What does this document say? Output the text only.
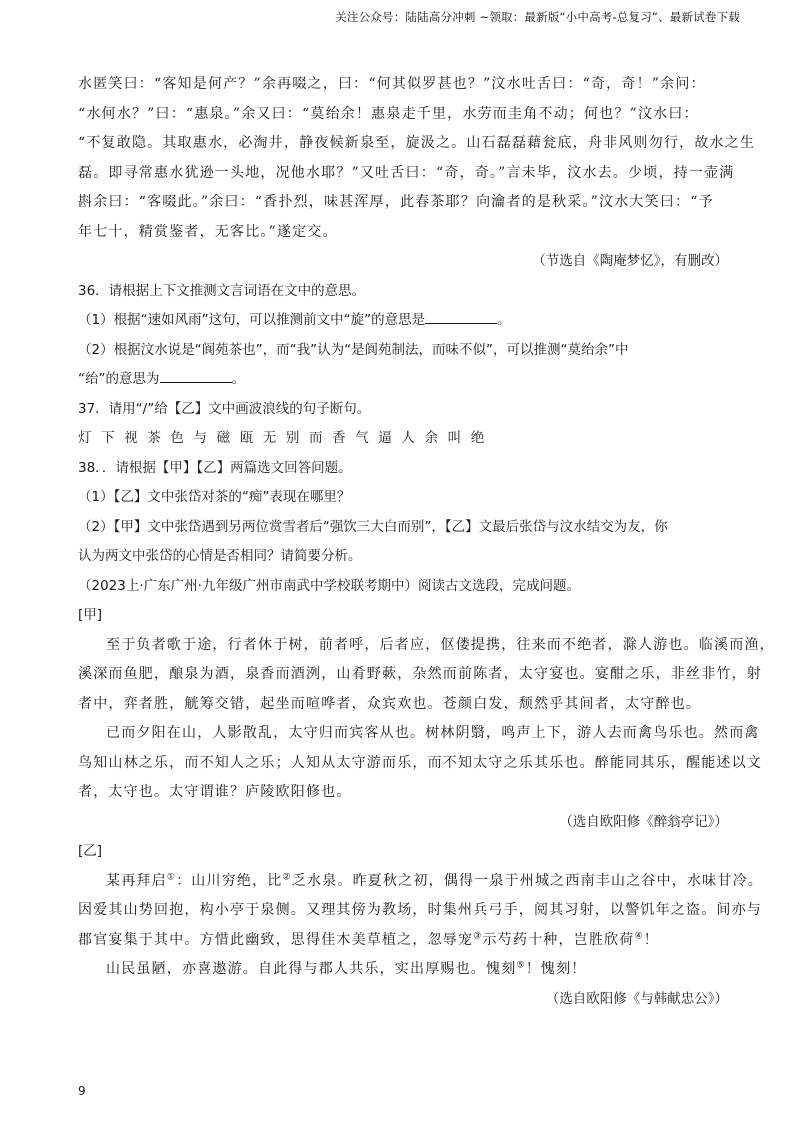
关注公众号：陆陆高分冲刺 ~领取：最新版“小中高考-总复习”、最新试卷下载
水匿笑曰：“客知是何产？”余再啜之，曰：“何其似罗甚也？”汶水吐舌曰：“奇，奇！”余问：
“水何水？”曰：“惠泉。”余又曰：“莫绐余！惠泉走千里，水劳而圭角不动；何也？”汶水曰：
“不复敢隐。其取惠水，必淘井，静夜候新泉至，旋汲之。山石磊磊藉瓮底，舟非风则勿行，故水之生
磊。即寻常惠水犹逊一头地，况他水耶？”又吐舌曰：“奇，奇。”言未毕，汶水去。少顷，持一壶满
斟余曰：“客啜此。”余曰：“香扑烈，味甚浑厚，此春茶耶？向瀹者的是秋采。”汶水大笑曰：“予
年七十，精赏鉴者，无客比。”遂定交。
（节选自《陶庵梦忆》，有删改）
36．请根据上下文推测文言词语在文中的意思。
（1）根据“速如风雨”这句，可以推测前文中“旋”的意思是	。
（2）根据汶水说是“阆苑茶也”，而“我”认为“是阆苑制法，而味不似”，可以推测“莫绐余”中
“绐”的意思为	。
37．请用“/”给【乙】文中画波浪线的句子断句。
灯下视茶色与磁瓯无别而香气逼人余叫绝
38．．请根据【甲】【乙】两篇选文回答问题。
（1）【乙】文中张岱对茶的“痴”表现在哪里？
（2）【甲】文中张岱遇到另两位赏雪者后“强饮三大白而别”，【乙】文最后张岱与汶水结交为友，你
认为两文中张岱的心情是否相同？请简要分析。
（2023上·广东广州·九年级广州市南武中学校联考期中）阅读古文选段，完成问题。
[甲]
至于负者歌于途，行者休于树，前者呼，后者应，伛偻提携，往来而不绝者，滁人游也。临溪而渔，
溪深而鱼肥，酿泉为酒，泉香而酒洌，山肴野蔌，杂然而前陈者，太守宴也。宴酣之乐，非丝非竹，射
者中，弈者胜，觥筹交错，起坐而喧哗者，众宾欢也。苍颜白发，颓然乎其间者，太守醉也。
已而夕阳在山，人影散乱，太守归而宾客从也。树林阴翳，鸣声上下，游人去而禽鸟乐也。然而禽
鸟知山林之乐，而不知人之乐；人知从太守游而乐，而不知太守之乐其乐也。醉能同其乐，醒能述以文
者，太守也。太守谓谁？庐陵欧阳修也。
（选自欧阳修《醉翁亭记》）
[乙]
某再拜启①：山川穷绝，比②乏水泉。昨夏秋之初，偶得一泉于州城之西南丰山之谷中，水味甘冷。
因爱其山势回抱，构小亭于泉侧。又理其傍为教场，时集州兵弓手，阅其习射，以警饥年之盗。间亦与
郡官宴集于其中。方惜此幽致，思得佳木美草植之，忽辱宠③示芍药十种，岂胜欣荷④！
山民虽陋，亦喜遨游。自此得与郡人共乐，实出厚赐也。愧刻⑤！愧刻！
（选自欧阳修《与韩献忠公》）
9
